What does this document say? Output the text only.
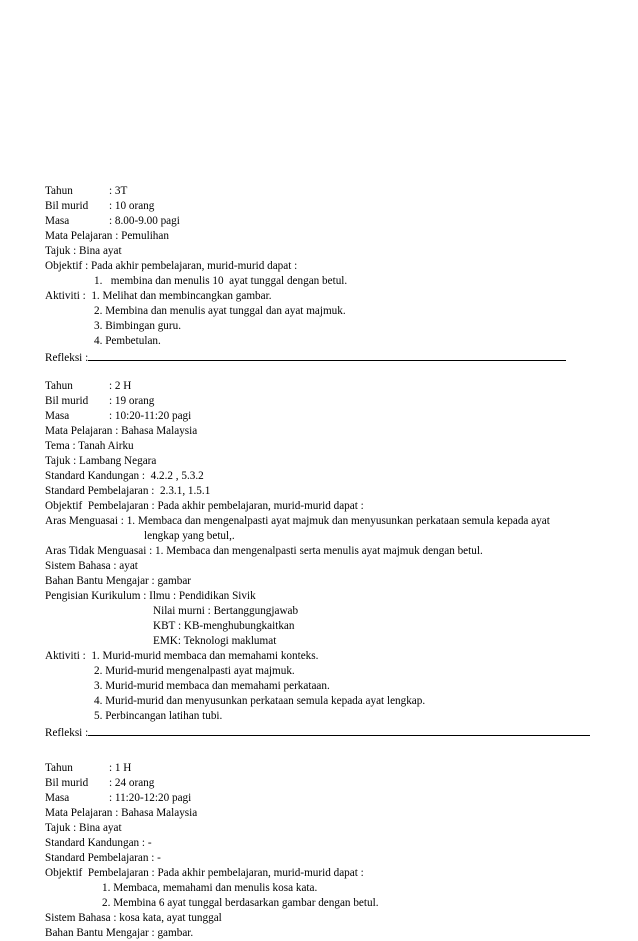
Tahun	: 3T
Bil murid : 10 orang
Masa	: 8.00-9.00 pagi
Mata Pelajaran : Pemulihan
Tajuk : Bina ayat
Objektif : Pada akhir pembelajaran, murid-murid dapat :
1.   membina dan menulis 10  ayat tunggal dengan betul.
Aktiviti : 1. Melihat dan membincangkan gambar.
2. Membina dan menulis ayat tunggal dan ayat majmuk.
3. Bimbingan guru.
4. Pembetulan.
Refleksi :
Tahun	: 2 H
Bil murid : 19 orang
Masa	: 10:20-11:20 pagi
Mata Pelajaran : Bahasa Malaysia
Tema : Tanah Airku
Tajuk : Lambang Negara
Standard Kandungan :  4.2.2 , 5.3.2
Standard Pembelajaran :  2.3.1, 1.5.1
Objektif  Pembelajaran : Pada akhir pembelajaran, murid-murid dapat :
Aras Menguasai : 1. Membaca dan mengenalpasti ayat majmuk dan menyusunkan perkataan semula kepada ayat
lengkap yang betul,.
Aras Tidak Menguasai : 1. Membaca dan mengenalpasti serta menulis ayat majmuk dengan betul.
Sistem Bahasa : ayat
Bahan Bantu Mengajar : gambar
Pengisian Kurikulum : Ilmu : Pendidikan Sivik
Nilai murni : Bertanggungjawab
KBT : KB-menghubungkaitkan
EMK: Teknologi maklumat
Aktiviti : 1. Murid-murid membaca dan memahami konteks.
2. Murid-murid mengenalpasti ayat majmuk.
3. Murid-murid membaca dan memahami perkataan.
4. Murid-murid dan menyusunkan perkataan semula kepada ayat lengkap.
5. Perbincangan latihan tubi.
Refleksi :
Tahun	: 1 H
Bil murid : 24 orang
Masa	: 11:20-12:20 pagi
Mata Pelajaran : Bahasa Malaysia
Tajuk : Bina ayat
Standard Kandungan : -
Standard Pembelajaran : -
Objektif  Pembelajaran : Pada akhir pembelajaran, murid-murid dapat :
1. Membaca, memahami dan menulis kosa kata.
2. Membina 6 ayat tunggal berdasarkan gambar dengan betul.
Sistem Bahasa : kosa kata, ayat tunggal
Bahan Bantu Mengajar : gambar.
